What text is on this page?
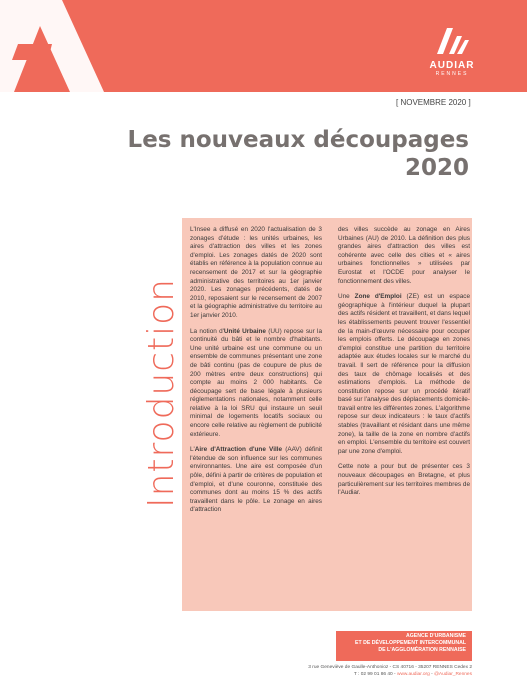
AUDIAR
RENNES
[ NOVEMBRE 2020 ]
Les nouveaux découpages
2020
Introduction

L'Insee a diffusé en 2020 l'actualisation de 3 zonages d'étude : les unités urbaines, les aires d'attraction des villes et les zones d'emploi. Les zonages datés de 2020 sont établis en référence à la population connue au recensement de 2017 et sur la géographie administrative des territoires au 1er janvier 2020. Les zonages précédents, datés de 2010, reposaient sur le recensement de 2007 et la géographie administrative du territoire au 1er janvier 2010.

La notion d'Unité Urbaine (UU) repose sur la continuité du bâti et le nombre d'habitants. Une unité urbaine est une commune ou un ensemble de communes présentant une zone de bâti continu (pas de coupure de plus de 200 mètres entre deux constructions) qui compte au moins 2 000 habitants. Ce découpage sert de base légale à plusieurs réglementations nationales, notamment celle relative à la loi SRU qui instaure un seuil minimal de logements locatifs sociaux ou encore celle relative au règlement de publicité extérieure.

L'Aire d'Attraction d'une Ville (AAV) définit l'étendue de son influence sur les communes environnantes. Une aire est composée d'un pôle, défini à partir de critères de population et d'emploi, et d'une couronne, constituée des communes dont au moins 15 % des actifs travaillent dans le pôle. Le zonage en aires d'attraction

des villes succède au zonage en Aires Urbaines (AU) de 2010. La définition des plus grandes aires d'attraction des villes est cohérente avec celle des cities et « aires urbaines fonctionnelles » utilisées par Eurostat et l'OCDE pour analyser le fonctionnement des villes.

Une Zone d'Emploi (ZE) est un espace géographique à l'intérieur duquel la plupart des actifs résident et travaillent, et dans lequel les établissements peuvent trouver l'essentiel de la main-d'œuvre nécessaire pour occuper les emplois offerts. Le découpage en zones d'emploi constitue une partition du territoire adaptée aux études locales sur le marché du travail. Il sert de référence pour la diffusion des taux de chômage localisés et des estimations d'emplois. La méthode de constitution repose sur un procédé itératif basé sur l'analyse des déplacements domicile-travail entre les différentes zones. L'algorithme repose sur deux indicateurs : le taux d'actifs stables (travaillant et résidant dans une même zone), la taille de la zone en nombre d'actifs en emploi. L'ensemble du territoire est couvert par une zone d'emploi.

Cette note a pour but de présenter ces 3 nouveaux découpages en Bretagne, et plus particulièrement sur les territoires membres de l'Audiar.

AGENCE D'URBANISME
ET DE DÉVELOPPEMENT INTERCOMMUNAL
DE L'AGGLOMÉRATION RENNAISE
3 rue Geneviève de Gaulle-Anthonioz - CS 40716 - 35207 RENNES Cedex 2
T : 02 99 01 86 40 - www.audiar.org - @Audiar_Rennes
